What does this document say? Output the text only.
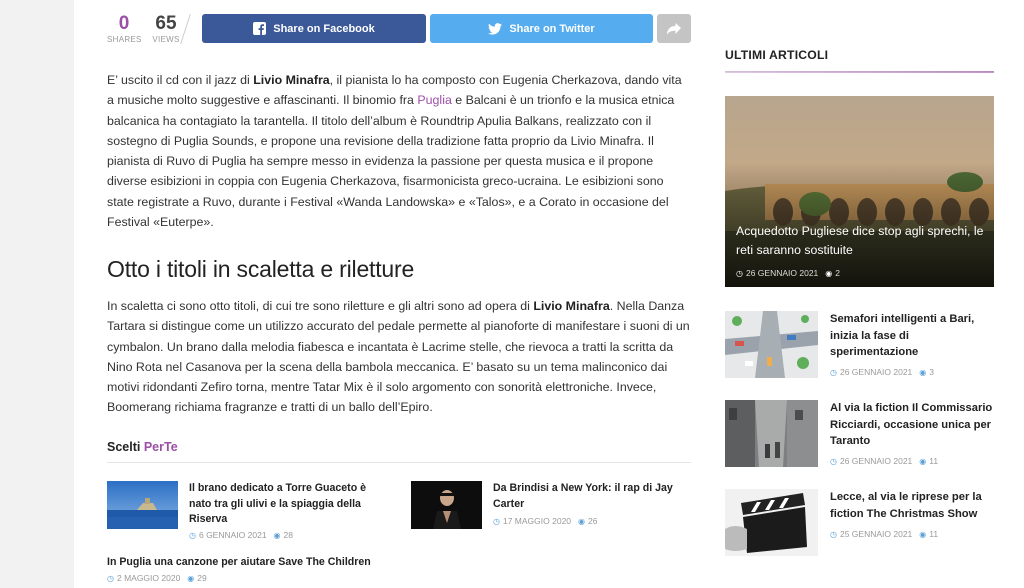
0
SHARES
65
VIEWS
Share on Facebook	Share on Twitter

E’ uscito il cd con il jazz di Livio Minafra, il pianista lo ha composto con Eugenia Cherkazova, dando vita a musiche molto suggestive e affascinanti. Il binomio fra Puglia e Balcani è un trionfo e la musica etnica balcanica ha contagiato la tarantella. Il titolo dell’album è Roundtrip Apulia Balkans, realizzato con il sostegno di Puglia Sounds, e propone una revisione della tradizione fatta proprio da Livio Minafra. Il pianista di Ruvo di Puglia ha sempre messo in evidenza la passione per questa musica e il propone diverse esibizioni in coppia con Eugenia Cherkazova, fisarmonicista greco-ucraina. Le esibizioni sono state registrate a Ruvo, durante i Festival «Wanda Landowska» e «Talos», e a Corato in occasione del Festival «Euterpe».

Otto i titoli in scaletta e riletture

In scaletta ci sono otto titoli, di cui tre sono riletture e gli altri sono ad opera di Livio Minafra. Nella Danza Tartara si distingue come un utilizzo accurato del pedale permette al pianoforte di manifestare i suoni di un cymbalon. Un brano dalla melodia fiabesca e incantata è Lacrime stelle, che rievoca a tratti la scritta da Nino Rota nel Casanova per la scena della bambola meccanica. E’ basato su un tema malinconico dai motivi ridondanti Zefiro torna, mentre Tatar Mix è il solo argomento con sonorità elettroniche. Invece, Boomerang richiama fragranze e tratti di un ballo dell’Epiro.

Scelti PerTe
Il brano dedicato a Torre Guaceto è nato tra gli ulivi e la spiaggia della Riserva
◷ 6 GENNAIO 2021 ◉ 28
Da Brindisi a New York: il rap di Jay Carter
◷ 17 MAGGIO 2020 ◉ 26
In Puglia una canzone per aiutare Save The Children
◷ 2 MAGGIO 2020 ◉ 29
ULTIMI ARTICOLI
Acquedotto Pugliese dice stop agli sprechi, le reti saranno sostituite
◷ 26 GENNAIO 2021 ◉ 2
Semafori intelligenti a Bari, inizia la fase di sperimentazione
◷ 26 GENNAIO 2021 ◉ 3
Al via la fiction Il Commissario Ricciardi, occasione unica per Taranto
◷ 26 GENNAIO 2021 ◉ 11
Lecce, al via le riprese per la fiction The Christmas Show
◷ 25 GENNAIO 2021 ◉ 11
